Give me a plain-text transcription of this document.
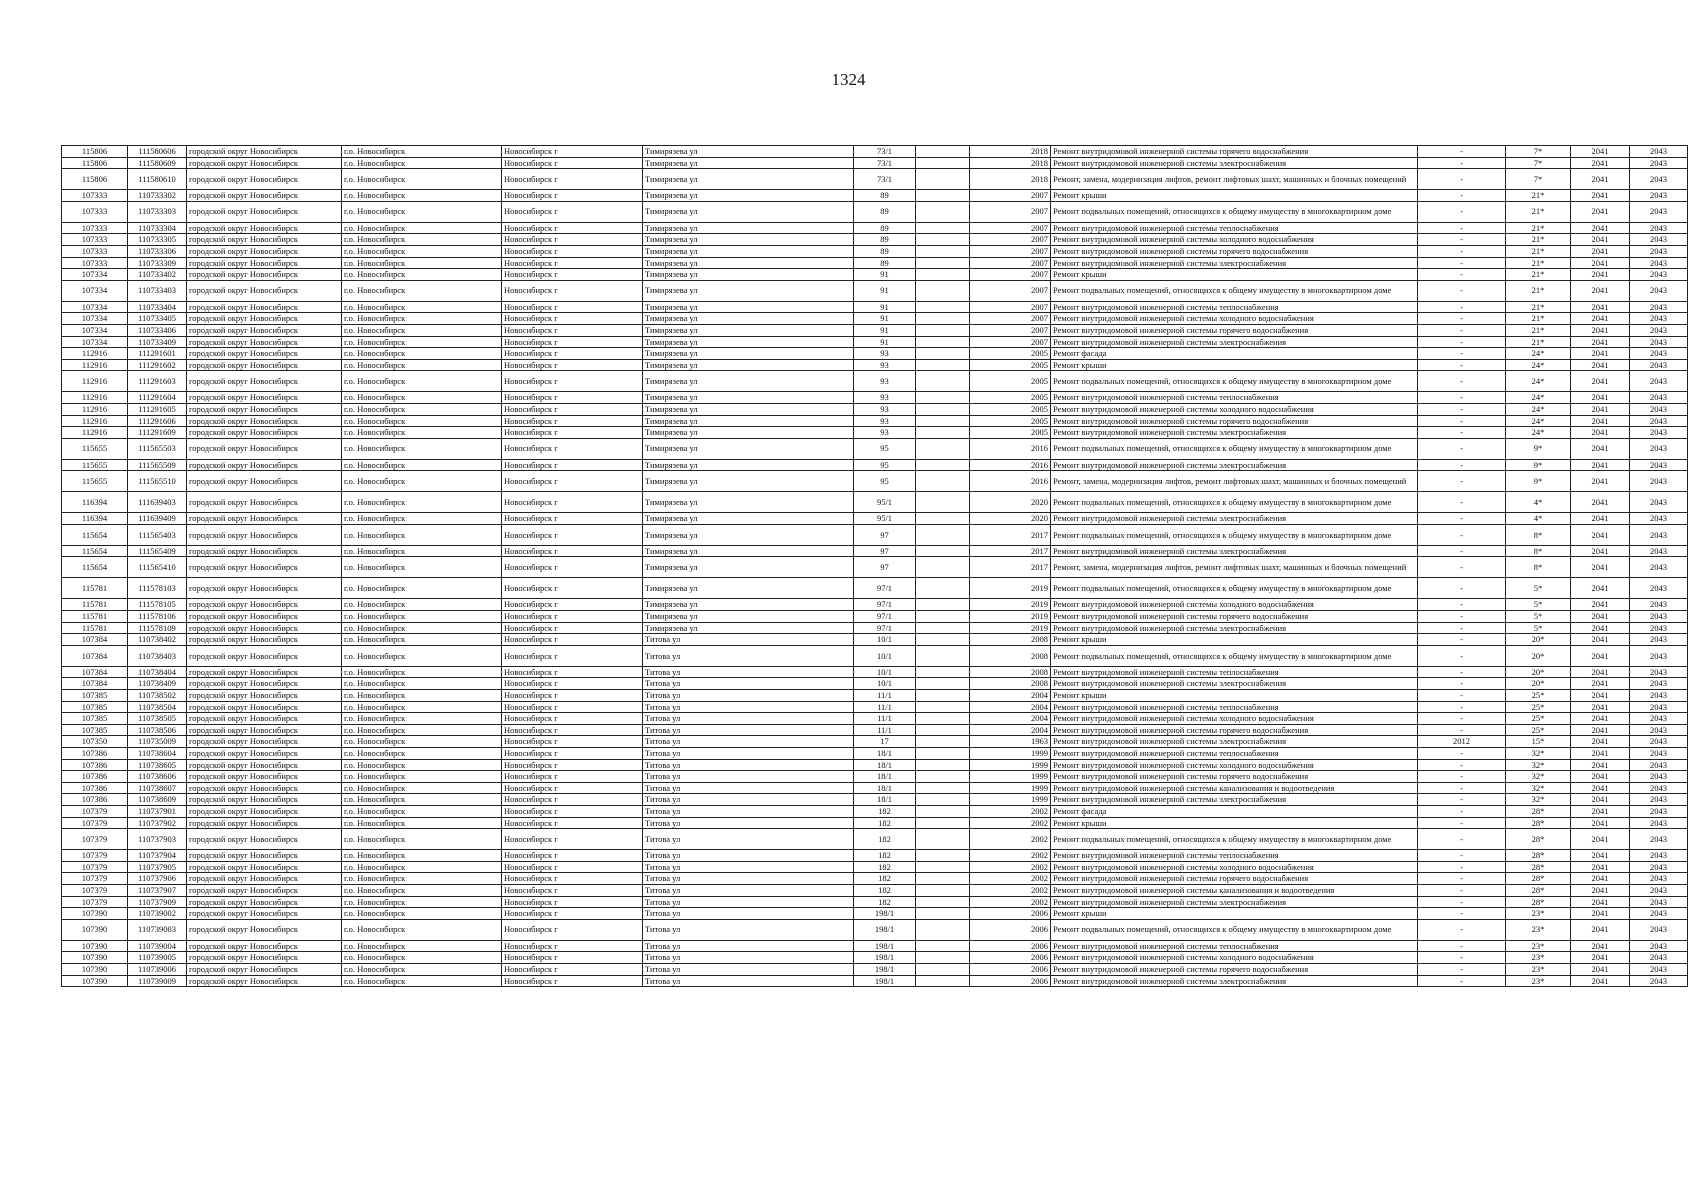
1324
115806	111580606	городской округ Новосибирск	г.о. Новосибирск	Новосибирск г	Тимирязева ул	73/1		2018	Ремонт внутридомовой инженерной системы горячего водоснабжения	-	7*	2041	2043
115806	111580609	городской округ Новосибирск	г.о. Новосибирск	Новосибирск г	Тимирязева ул	73/1		2018	Ремонт внутридомовой инженерной системы электроснабжения	-	7*	2041	2043
115806	111580610	городской округ Новосибирск	г.о. Новосибирск	Новосибирск г	Тимирязева ул	73/1		2018	Ремонт, замена, модернизация лифтов, ремонт лифтовых шахт, машинных и блочных помещений	-	7*	2041	2043
107333	110733302	городской округ Новосибирск	г.о. Новосибирск	Новосибирск г	Тимирязева ул	89		2007	Ремонт крыши	-	21*	2041	2043
107333	110733303	городской округ Новосибирск	г.о. Новосибирск	Новосибирск г	Тимирязева ул	89		2007	Ремонт подвальных помещений, относящихся к общему имуществу в многоквартирном доме	-	21*	2041	2043
107333	110733304	городской округ Новосибирск	г.о. Новосибирск	Новосибирск г	Тимирязева ул	89		2007	Ремонт внутридомовой инженерной системы теплоснабжения	-	21*	2041	2043
107333	110733305	городской округ Новосибирск	г.о. Новосибирск	Новосибирск г	Тимирязева ул	89		2007	Ремонт внутридомовой инженерной системы холодного водоснабжения	-	21*	2041	2043
107333	110733306	городской округ Новосибирск	г.о. Новосибирск	Новосибирск г	Тимирязева ул	89		2007	Ремонт внутридомовой инженерной системы горячего водоснабжения	-	21*	2041	2043
107333	110733309	городской округ Новосибирск	г.о. Новосибирск	Новосибирск г	Тимирязева ул	89		2007	Ремонт внутридомовой инженерной системы электроснабжения	-	21*	2041	2043
107334	110733402	городской округ Новосибирск	г.о. Новосибирск	Новосибирск г	Тимирязева ул	91		2007	Ремонт крыши	-	21*	2041	2043
107334	110733403	городской округ Новосибирск	г.о. Новосибирск	Новосибирск г	Тимирязева ул	91		2007	Ремонт подвальных помещений, относящихся к общему имуществу в многоквартирном доме	-	21*	2041	2043
107334	110733404	городской округ Новосибирск	г.о. Новосибирск	Новосибирск г	Тимирязева ул	91		2007	Ремонт внутридомовой инженерной системы теплоснабжения	-	21*	2041	2043
107334	110733405	городской округ Новосибирск	г.о. Новосибирск	Новосибирск г	Тимирязева ул	91		2007	Ремонт внутридомовой инженерной системы холодного водоснабжения	-	21*	2041	2043
107334	110733406	городской округ Новосибирск	г.о. Новосибирск	Новосибирск г	Тимирязева ул	91		2007	Ремонт внутридомовой инженерной системы горячего водоснабжения	-	21*	2041	2043
107334	110733409	городской округ Новосибирск	г.о. Новосибирск	Новосибирск г	Тимирязева ул	91		2007	Ремонт внутридомовой инженерной системы электроснабжения	-	21*	2041	2043
112916	111291601	городской округ Новосибирск	г.о. Новосибирск	Новосибирск г	Тимирязева ул	93		2005	Ремонт фасада	-	24*	2041	2043
112916	111291602	городской округ Новосибирск	г.о. Новосибирск	Новосибирск г	Тимирязева ул	93		2005	Ремонт крыши	-	24*	2041	2043
112916	111291603	городской округ Новосибирск	г.о. Новосибирск	Новосибирск г	Тимирязева ул	93		2005	Ремонт подвальных помещений, относящихся к общему имуществу в многоквартирном доме	-	24*	2041	2043
112916	111291604	городской округ Новосибирск	г.о. Новосибирск	Новосибирск г	Тимирязева ул	93		2005	Ремонт внутридомовой инженерной системы теплоснабжения	-	24*	2041	2043
112916	111291605	городской округ Новосибирск	г.о. Новосибирск	Новосибирск г	Тимирязева ул	93		2005	Ремонт внутридомовой инженерной системы холодного водоснабжения	-	24*	2041	2043
112916	111291606	городской округ Новосибирск	г.о. Новосибирск	Новосибирск г	Тимирязева ул	93		2005	Ремонт внутридомовой инженерной системы горячего водоснабжения	-	24*	2041	2043
112916	111291609	городской округ Новосибирск	г.о. Новосибирск	Новосибирск г	Тимирязева ул	93		2005	Ремонт внутридомовой инженерной системы электроснабжения	-	24*	2041	2043
115655	111565503	городской округ Новосибирск	г.о. Новосибирск	Новосибирск г	Тимирязева ул	95		2016	Ремонт подвальных помещений, относящихся к общему имуществу в многоквартирном доме	-	9*	2041	2043
115655	111565509	городской округ Новосибирск	г.о. Новосибирск	Новосибирск г	Тимирязева ул	95		2016	Ремонт внутридомовой инженерной системы электроснабжения	-	9*	2041	2043
115655	111565510	городской округ Новосибирск	г.о. Новосибирск	Новосибирск г	Тимирязева ул	95		2016	Ремонт, замена, модернизация лифтов, ремонт лифтовых шахт, машинных и блочных помещений	-	9*	2041	2043
116394	111639403	городской округ Новосибирск	г.о. Новосибирск	Новосибирск г	Тимирязева ул	95/1		2020	Ремонт подвальных помещений, относящихся к общему имуществу в многоквартирном доме	-	4*	2041	2043
116394	111639409	городской округ Новосибирск	г.о. Новосибирск	Новосибирск г	Тимирязева ул	95/1		2020	Ремонт внутридомовой инженерной системы электроснабжения	-	4*	2041	2043
115654	111565403	городской округ Новосибирск	г.о. Новосибирск	Новосибирск г	Тимирязева ул	97		2017	Ремонт подвальных помещений, относящихся к общему имуществу в многоквартирном доме	-	8*	2041	2043
115654	111565409	городской округ Новосибирск	г.о. Новосибирск	Новосибирск г	Тимирязева ул	97		2017	Ремонт внутридомовой инженерной системы электроснабжения	-	8*	2041	2043
115654	111565410	городской округ Новосибирск	г.о. Новосибирск	Новосибирск г	Тимирязева ул	97		2017	Ремонт, замена, модернизация лифтов, ремонт лифтовых шахт, машинных и блочных помещений	-	8*	2041	2043
115781	111578103	городской округ Новосибирск	г.о. Новосибирск	Новосибирск г	Тимирязева ул	97/1		2019	Ремонт подвальных помещений, относящихся к общему имуществу в многоквартирном доме	-	5*	2041	2043
115781	111578105	городской округ Новосибирск	г.о. Новосибирск	Новосибирск г	Тимирязева ул	97/1		2019	Ремонт внутридомовой инженерной системы холодного водоснабжения	-	5*	2041	2043
115781	111578106	городской округ Новосибирск	г.о. Новосибирск	Новосибирск г	Тимирязева ул	97/1		2019	Ремонт внутридомовой инженерной системы горячего водоснабжения	-	5*	2041	2043
115781	111578109	городской округ Новосибирск	г.о. Новосибирск	Новосибирск г	Тимирязева ул	97/1		2019	Ремонт внутридомовой инженерной системы электроснабжения	-	5*	2041	2043
107384	110738402	городской округ Новосибирск	г.о. Новосибирск	Новосибирск г	Титова ул	10/1		2008	Ремонт крыши	-	20*	2041	2043
107384	110738403	городской округ Новосибирск	г.о. Новосибирск	Новосибирск г	Титова ул	10/1		2008	Ремонт подвальных помещений, относящихся к общему имуществу в многоквартирном доме	-	20*	2041	2043
107384	110738404	городской округ Новосибирск	г.о. Новосибирск	Новосибирск г	Титова ул	10/1		2008	Ремонт внутридомовой инженерной системы теплоснабжения	-	20*	2041	2043
107384	110738409	городской округ Новосибирск	г.о. Новосибирск	Новосибирск г	Титова ул	10/1		2008	Ремонт внутридомовой инженерной системы электроснабжения	-	20*	2041	2043
107385	110738502	городской округ Новосибирск	г.о. Новосибирск	Новосибирск г	Титова ул	11/1		2004	Ремонт крыши	-	25*	2041	2043
107385	110738504	городской округ Новосибирск	г.о. Новосибирск	Новосибирск г	Титова ул	11/1		2004	Ремонт внутридомовой инженерной системы теплоснабжения	-	25*	2041	2043
107385	110738505	городской округ Новосибирск	г.о. Новосибирск	Новосибирск г	Титова ул	11/1		2004	Ремонт внутридомовой инженерной системы холодного водоснабжения	-	25*	2041	2043
107385	110738506	городской округ Новосибирск	г.о. Новосибирск	Новосибирск г	Титова ул	11/1		2004	Ремонт внутридомовой инженерной системы горячего водоснабжения	-	25*	2041	2043
107350	110735009	городской округ Новосибирск	г.о. Новосибирск	Новосибирск г	Титова ул	17		1963	Ремонт внутридомовой инженерной системы электроснабжения	2012	15*	2041	2043
107386	110738604	городской округ Новосибирск	г.о. Новосибирск	Новосибирск г	Титова ул	18/1		1999	Ремонт внутридомовой инженерной системы теплоснабжения	-	32*	2041	2043
107386	110738605	городской округ Новосибирск	г.о. Новосибирск	Новосибирск г	Титова ул	18/1		1999	Ремонт внутридомовой инженерной системы холодного водоснабжения	-	32*	2041	2043
107386	110738606	городской округ Новосибирск	г.о. Новосибирск	Новосибирск г	Титова ул	18/1		1999	Ремонт внутридомовой инженерной системы горячего водоснабжения	-	32*	2041	2043
107386	110738607	городской округ Новосибирск	г.о. Новосибирск	Новосибирск г	Титова ул	18/1		1999	Ремонт внутридомовой инженерной системы канализования и водоотведения	-	32*	2041	2043
107386	110738609	городской округ Новосибирск	г.о. Новосибирск	Новосибирск г	Титова ул	18/1		1999	Ремонт внутридомовой инженерной системы электроснабжения	-	32*	2041	2043
107379	110737901	городской округ Новосибирск	г.о. Новосибирск	Новосибирск г	Титова ул	182		2002	Ремонт фасада	-	28*	2041	2043
107379	110737902	городской округ Новосибирск	г.о. Новосибирск	Новосибирск г	Титова ул	182		2002	Ремонт крыши	-	28*	2041	2043
107379	110737903	городской округ Новосибирск	г.о. Новосибирск	Новосибирск г	Титова ул	182		2002	Ремонт подвальных помещений, относящихся к общему имуществу в многоквартирном доме	-	28*	2041	2043
107379	110737904	городской округ Новосибирск	г.о. Новосибирск	Новосибирск г	Титова ул	182		2002	Ремонт внутридомовой инженерной системы теплоснабжения	-	28*	2041	2043
107379	110737905	городской округ Новосибирск	г.о. Новосибирск	Новосибирск г	Титова ул	182		2002	Ремонт внутридомовой инженерной системы холодного водоснабжения	-	28*	2041	2043
107379	110737906	городской округ Новосибирск	г.о. Новосибирск	Новосибирск г	Титова ул	182		2002	Ремонт внутридомовой инженерной системы горячего водоснабжения	-	28*	2041	2043
107379	110737907	городской округ Новосибирск	г.о. Новосибирск	Новосибирск г	Титова ул	182		2002	Ремонт внутридомовой инженерной системы канализования и водоотведения	-	28*	2041	2043
107379	110737909	городской округ Новосибирск	г.о. Новосибирск	Новосибирск г	Титова ул	182		2002	Ремонт внутридомовой инженерной системы электроснабжения	-	28*	2041	2043
107390	110739002	городской округ Новосибирск	г.о. Новосибирск	Новосибирск г	Титова ул	198/1		2006	Ремонт крыши	-	23*	2041	2043
107390	110739003	городской округ Новосибирск	г.о. Новосибирск	Новосибирск г	Титова ул	198/1		2006	Ремонт подвальных помещений, относящихся к общему имуществу в многоквартирном доме	-	23*	2041	2043
107390	110739004	городской округ Новосибирск	г.о. Новосибирск	Новосибирск г	Титова ул	198/1		2006	Ремонт внутридомовой инженерной системы теплоснабжения	-	23*	2041	2043
107390	110739005	городской округ Новосибирск	г.о. Новосибирск	Новосибирск г	Титова ул	198/1		2006	Ремонт внутридомовой инженерной системы холодного водоснабжения	-	23*	2041	2043
107390	110739006	городской округ Новосибирск	г.о. Новосибирск	Новосибирск г	Титова ул	198/1		2006	Ремонт внутридомовой инженерной системы горячего водоснабжения	-	23*	2041	2043
107390	110739009	городской округ Новосибирск	г.о. Новосибирск	Новосибирск г	Титова ул	198/1		2006	Ремонт внутридомовой инженерной системы электроснабжения	-	23*	2041	2043
